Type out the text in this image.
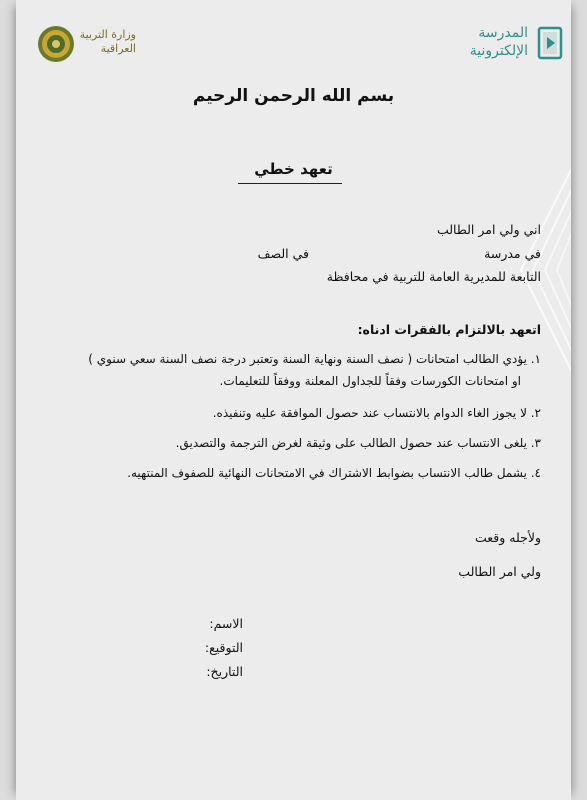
المدرسة
الإلكترونية
وزارة التربية
العراقية
بسم الله الرحمن الرحيم
تعهد خطي
اني ولي امر الطالب
في مدرسة
في الصف
التابعة للمديرية العامة للتربية في محافظة
اتعهد بالالتزام بالفقرات ادناه:
١. يؤدي الطالب امتحانات ( نصف السنة ونهاية السنة وتعتبر درجة نصف السنة سعي سنوي )
او امتحانات الكورسات وفقاً للجداول المعلنة ووفقاً للتعليمات.
٢. لا يجوز الغاء الدوام بالانتساب عند حصول الموافقة عليه وتنفيذه.
٣. يلغى الانتساب عند حصول الطالب على وثيقة لغرض الترجمة والتصديق.
٤. يشمل طالب الانتساب بضوابط الاشتراك في الامتحانات النهائية للصفوف المنتهيه.
ولأجله وقعت
ولي امر الطالب
الاسم:
التوقيع:
التاريخ:
